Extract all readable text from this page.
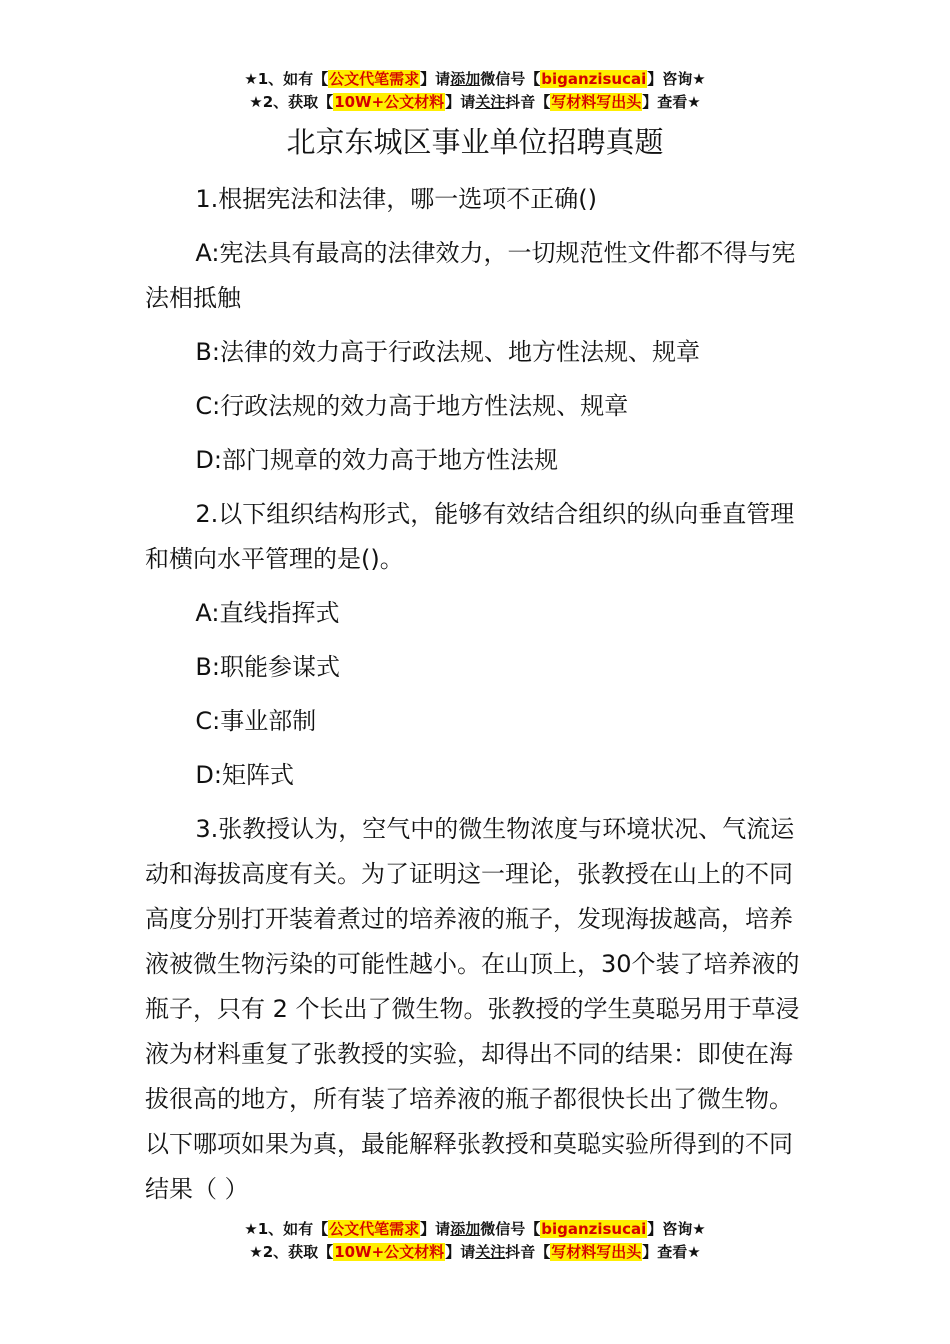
★1、如有【公文代笔需求】请添加微信号【biganzisucai】咨询★
★2、获取【10W+公文材料】请关注抖音【写材料写出头】查看★
北京东城区事业单位招聘真题

1.根据宪法和法律，哪一选项不正确()

A:宪法具有最高的法律效力，一切规范性文件都不得与宪法相抵触

B:法律的效力高于行政法规、地方性法规、规章

C:行政法规的效力高于地方性法规、规章

D:部门规章的效力高于地方性法规

2.以下组织结构形式，能够有效结合组织的纵向垂直管理和横向水平管理的是()。

A:直线指挥式

B:职能参谋式

C:事业部制

D:矩阵式

3.张教授认为，空气中的微生物浓度与环境状况、气流运动和海拔高度有关。为了证明这一理论，张教授在山上的不同高度分别打开装着煮过的培养液的瓶子，发现海拔越高，培养液被微生物污染的可能性越小。在山顶上，30个装了培养液的瓶子，只有 2 个长出了微生物。张教授的学生莫聪另用于草浸液为材料重复了张教授的实验，却得出不同的结果：即使在海拔很高的地方，所有装了培养液的瓶子都很快长出了微生物。以下哪项如果为真，最能解释张教授和莫聪实验所得到的不同结果（ ）

★1、如有【公文代笔需求】请添加微信号【biganzisucai】咨询★
★2、获取【10W+公文材料】请关注抖音【写材料写出头】查看★
